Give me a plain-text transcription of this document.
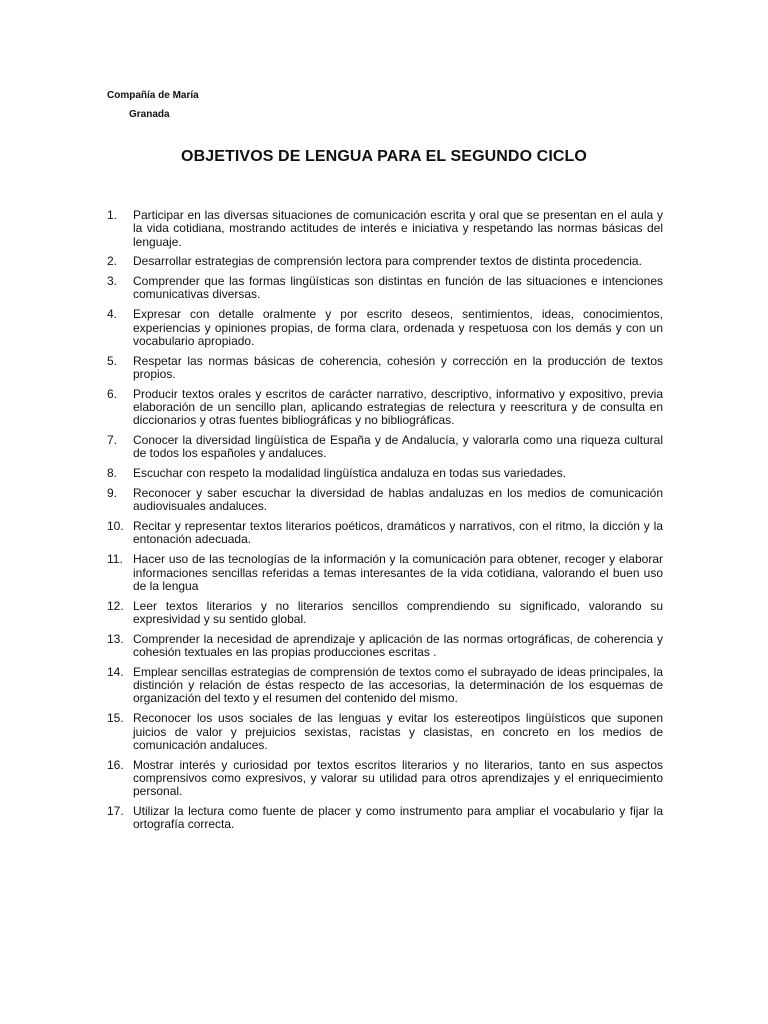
Compañía de María

Granada

OBJETIVOS DE LENGUA PARA EL SEGUNDO CICLO
1.	Participar en las diversas situaciones de comunicación escrita y oral que se presentan en el aula y la vida cotidiana, mostrando actitudes de interés e iniciativa y respetando las normas básicas del lenguaje.
2.	Desarrollar estrategias de comprensión lectora para comprender textos de distinta procedencia.
3.	Comprender que las formas lingüísticas son distintas en función de las situaciones e intenciones comunicativas diversas.
4.	Expresar con detalle oralmente y por escrito deseos, sentimientos, ideas, conocimientos, experiencias y opiniones propias, de forma clara, ordenada y respetuosa con los demás y con un vocabulario apropiado.
5.	Respetar las normas básicas de coherencia, cohesión y corrección en la producción de textos propios.
6.	Producir textos orales y escritos de carácter narrativo, descriptivo, informativo y expositivo, previa elaboración de un sencillo plan, aplicando estrategias de relectura y reescritura y de consulta en diccionarios y otras fuentes bibliográficas y no bibliográficas.
7.	Conocer la diversidad lingüística de España y de Andalucía, y valorarla como una riqueza cultural de todos los españoles y andaluces.
8.	Escuchar con respeto la modalidad lingüística andaluza en todas sus variedades.
9.	Reconocer y saber escuchar la diversidad de hablas andaluzas en los medios de comunicación audiovisuales andaluces.
10. Recitar y representar textos literarios poéticos, dramáticos y narrativos, con el ritmo, la dicción y la entonación adecuada.
11. Hacer uso de las tecnologías de la información y la comunicación para obtener, recoger y elaborar informaciones sencillas referidas a temas interesantes de la vida cotidiana, valorando el buen uso de la lengua
12. Leer textos literarios y no literarios sencillos comprendiendo su significado, valorando su expresividad y su sentido global.
13. Comprender la necesidad de aprendizaje y aplicación de las normas ortográficas, de coherencia y cohesión textuales en las propias producciones escritas .
14. Emplear sencillas estrategias de comprensión de textos como el subrayado de ideas principales, la distinción y relación de éstas respecto de las accesorias, la determinación de los esquemas de organización del texto y el resumen del contenido del mismo.
15. Reconocer los usos sociales de las lenguas y evitar los estereotipos lingüísticos que suponen juicios de valor y prejuicios sexistas, racistas y clasistas, en concreto en los medios de comunicación andaluces.
16. Mostrar interés y curiosidad por textos escritos literarios y no literarios, tanto en sus aspectos comprensivos como expresivos, y valorar su utilidad para otros aprendizajes y el enriquecimiento personal.
17. Utilizar la lectura como fuente de placer y como instrumento para ampliar el vocabulario y fijar la ortografía correcta.
